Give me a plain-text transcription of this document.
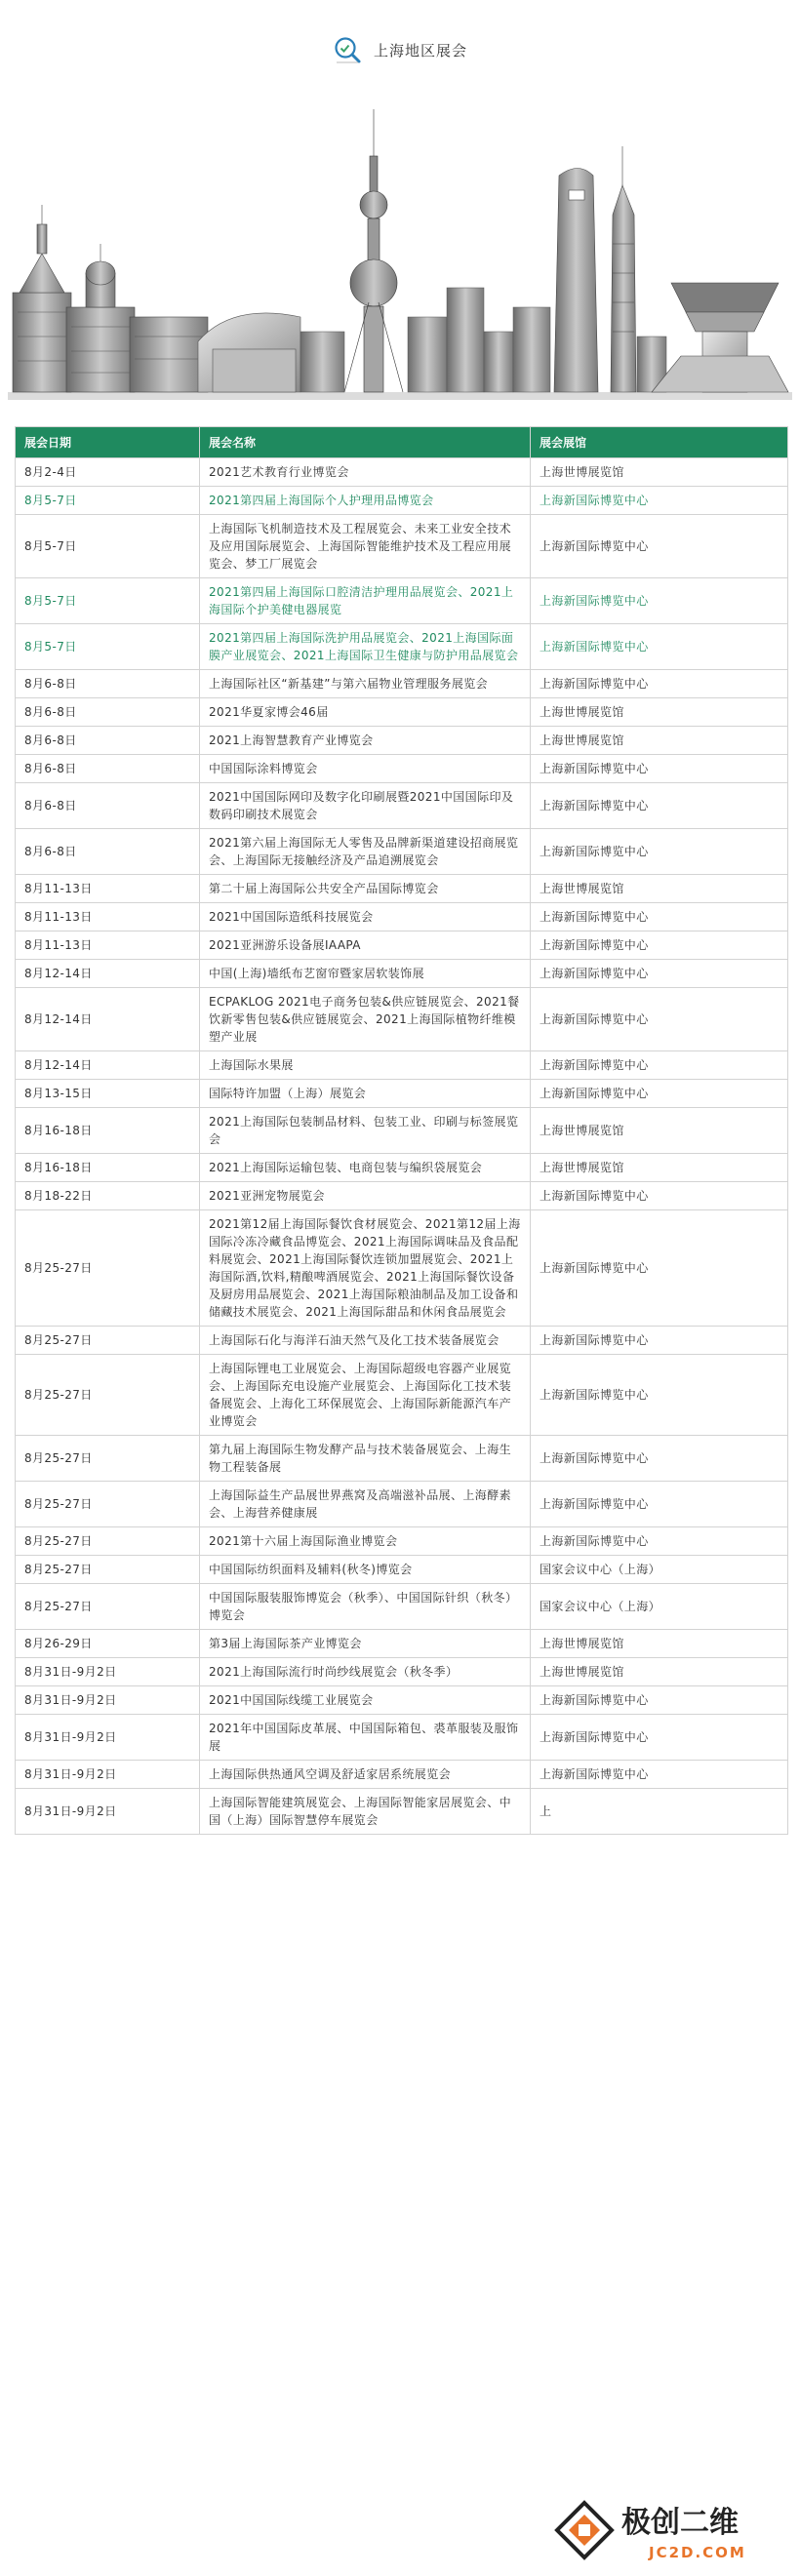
上海地区展会
展会日期	展会名称	展会展馆
8月2-4日	2021艺术教育行业博览会	上海世博展览馆
8月5-7日	2021第四届上海国际个人护理用品博览会	上海新国际博览中心
8月5-7日	上海国际飞机制造技术及工程展览会、未来工业安全技术及应用国际展览会、上海国际智能维护技术及工程应用展览会、梦工厂展览会	上海新国际博览中心
8月5-7日	2021第四届上海国际口腔清洁护理用品展览会、2021上海国际个护美健电器展览	上海新国际博览中心
8月5-7日	2021第四届上海国际洗护用品展览会、2021上海国际面膜产业展览会、2021上海国际卫生健康与防护用品展览会	上海新国际博览中心
8月6-8日	上海国际社区“新基建”与第六届物业管理服务展览会	上海新国际博览中心
8月6-8日	2021华夏家博会46届	上海世博展览馆
8月6-8日	2021上海智慧教育产业博览会	上海世博展览馆
8月6-8日	中国国际涂料博览会	上海新国际博览中心
8月6-8日	2021中国国际网印及数字化印刷展暨2021中国国际印及数码印刷技术展览会	上海新国际博览中心
8月6-8日	2021第六届上海国际无人零售及品牌新渠道建设招商展览会、上海国际无接触经济及产品追溯展览会	上海新国际博览中心
8月11-13日	第二十届上海国际公共安全产品国际博览会	上海世博展览馆
8月11-13日	2021中国国际造纸科技展览会	上海新国际博览中心
8月11-13日	2021亚洲游乐设备展IAAPA	上海新国际博览中心
8月12-14日	中国(上海)墙纸布艺窗帘暨家居软装饰展	上海新国际博览中心
8月12-14日	ECPAKLOG 2021电子商务包装&供应链展览会、2021餐饮新零售包装&供应链展览会、2021上海国际植物纤维模塑产业展	上海新国际博览中心
8月12-14日	上海国际水果展	上海新国际博览中心
8月13-15日	国际特许加盟（上海）展览会	上海新国际博览中心
8月16-18日	2021上海国际包装制品材料、包装工业、印刷与标签展览会	上海世博展览馆
8月16-18日	2021上海国际运输包装、电商包装与编织袋展览会	上海世博展览馆
8月18-22日	2021亚洲宠物展览会	上海新国际博览中心
8月25-27日	2021第12届上海国际餐饮食材展览会、2021第12届上海国际冷冻冷藏食品博览会、2021上海国际调味品及食品配料展览会、2021上海国际餐饮连锁加盟展览会、2021上海国际酒,饮料,精酿啤酒展览会、2021上海国际餐饮设备及厨房用品展览会、2021上海国际粮油制品及加工设备和储藏技术展览会、2021上海国际甜品和休闲食品展览会	上海新国际博览中心
8月25-27日	上海国际石化与海洋石油天然气及化工技术装备展览会	上海新国际博览中心
8月25-27日	上海国际锂电工业展览会、上海国际超级电容器产业展览会、上海国际充电设施产业展览会、上海国际化工技术装备展览会、上海化工环保展览会、上海国际新能源汽车产业博览会	上海新国际博览中心
8月25-27日	第九届上海国际生物发酵产品与技术装备展览会、上海生物工程装备展	上海新国际博览中心
8月25-27日	上海国际益生产品展世界燕窝及高端滋补品展、上海酵素会、上海营养健康展	上海新国际博览中心
8月25-27日	2021第十六届上海国际渔业博览会	上海新国际博览中心
8月25-27日	中国国际纺织面料及辅料(秋冬)博览会	国家会议中心（上海）
8月25-27日	中国国际服装服饰博览会（秋季）、中国国际针织（秋冬）博览会	国家会议中心（上海）
8月26-29日	第3届上海国际茶产业博览会	上海世博展览馆
8月31日-9月2日	2021上海国际流行时尚纱线展览会（秋冬季）	上海世博展览馆
8月31日-9月2日	2021中国国际线缆工业展览会	上海新国际博览中心
8月31日-9月2日	2021年中国国际皮革展、中国国际箱包、裘革服装及服饰展	上海新国际博览中心
8月31日-9月2日	上海国际供热通风空调及舒适家居系统展览会	上海新国际博览中心
8月31日-9月2日	上海国际智能建筑展览会、上海国际智能家居展览会、中国（上海）国际智慧停车展览会	上
极创二维
JC2D.COM
